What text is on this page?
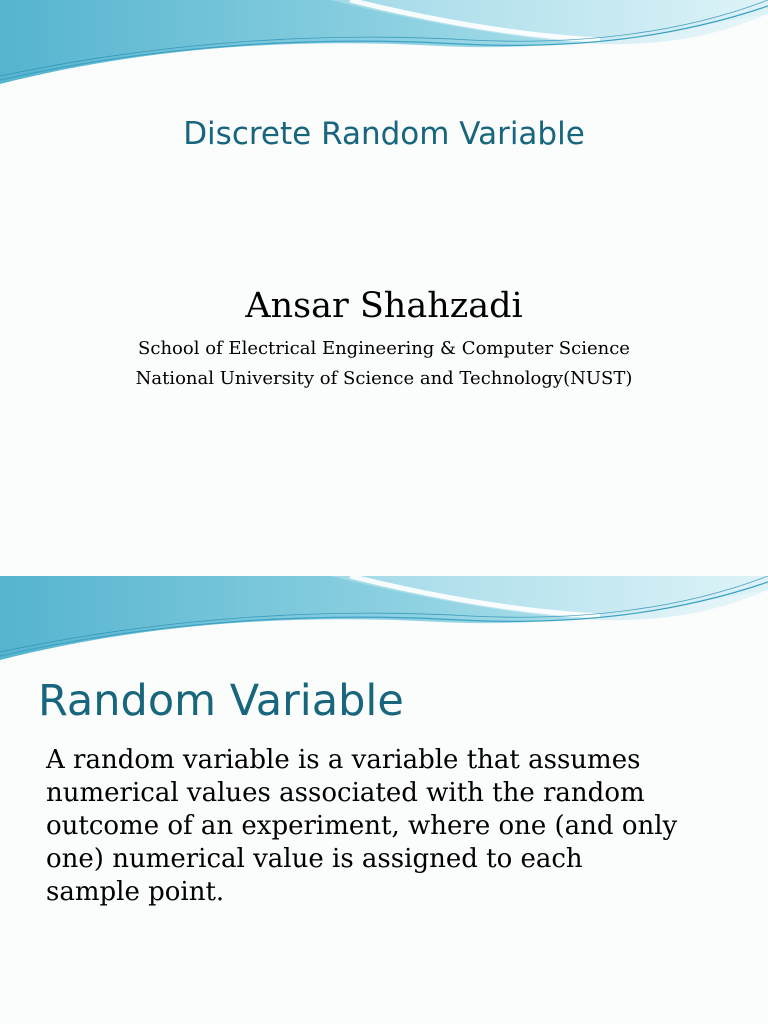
Discrete Random Variable
Ansar Shahzadi
School of Electrical Engineering & Computer Science
National University of Science and Technology(NUST)
Random Variable
A random variable is a variable that assumes
numerical values associated with the random
outcome of an experiment, where one (and only
one) numerical value is assigned to each
sample point.
